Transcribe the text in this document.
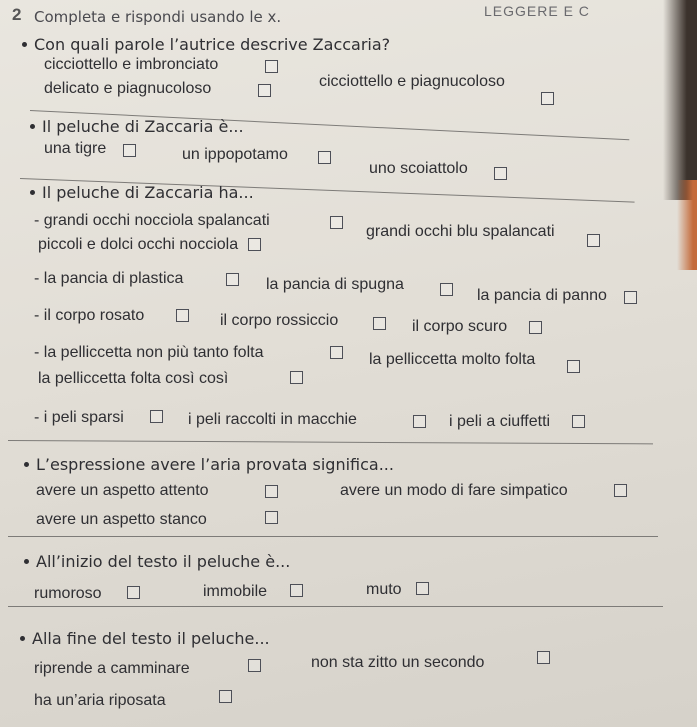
2 Completa e rispondi usando le x.	LEGGERE E C
Con quali parole l’autrice descrive Zaccaria?
cicciottello e imbronciato
cicciottello e piagnucoloso
delicato e piagnucoloso
Il peluche di Zaccaria è...
una tigre	un ippopotamo
uno scoiattolo
Il peluche di Zaccaria ha...
- grandi occhi nocciola spalancati
grandi occhi blu spalancati
piccoli e dolci occhi nocciola
- la pancia di plastica	la pancia di spugna
la pancia di panno
- il corpo rosato	il corpo rossiccio	il corpo scuro
- la pelliccetta non più tanto folta	la pelliccetta molto folta
la pelliccetta folta così così
- i peli sparsi	i peli raccolti in macchie	i peli a ciuffetti
L’espressione avere l’aria provata significa...
avere un aspetto attento	avere un modo di fare simpatico
avere un aspetto stanco
All’inizio del testo il peluche è...
rumoroso	immobile	muto
Alla fine del testo il peluche...
riprende a camminare	non sta zitto un secondo
ha un’aria riposata
